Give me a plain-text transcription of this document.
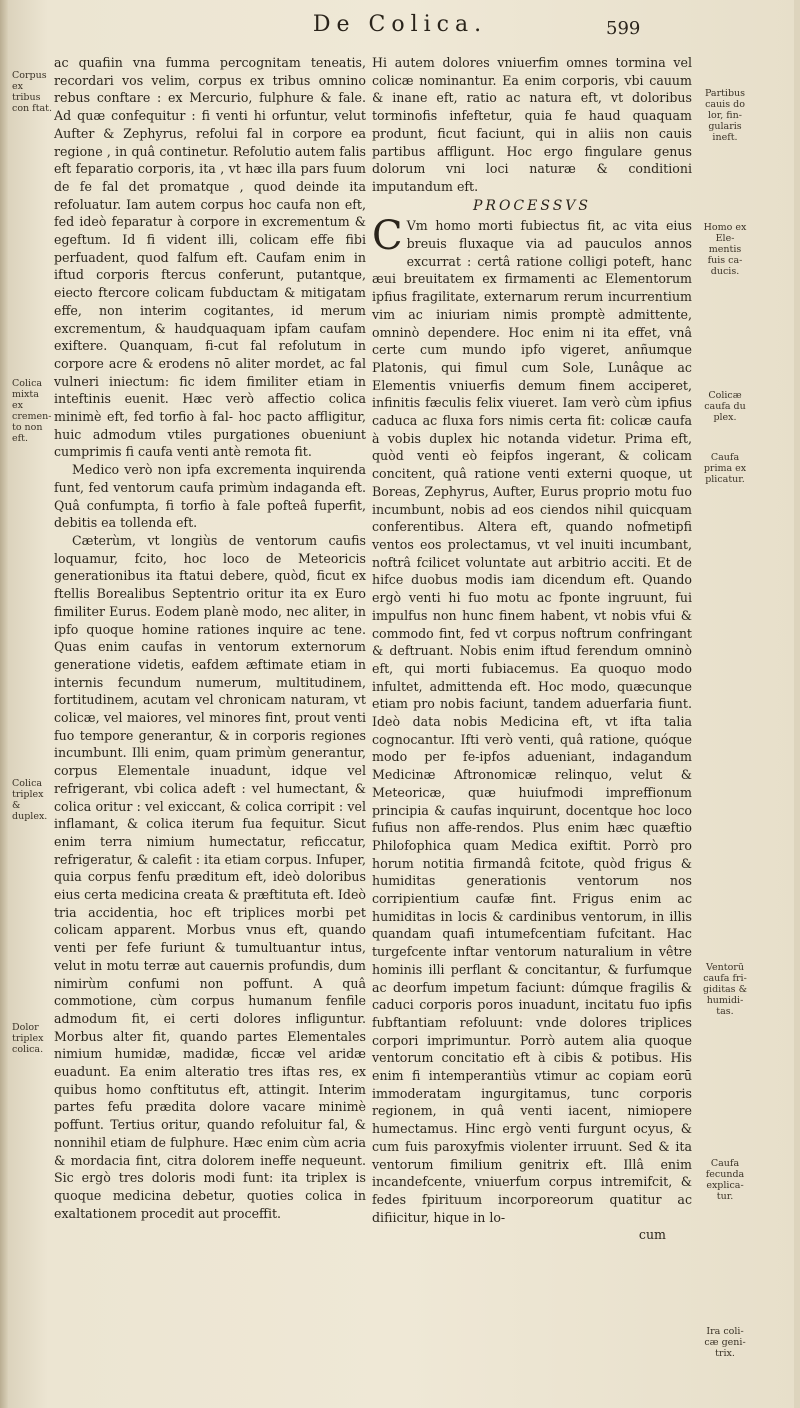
De Colica.	599
Corpus ex tribus con ftat.
Colica mixta ex cremen- to non eft.
Colica triplex & duplex.
Dolor triplex colica.

ac quafiin vna fumma percognitam teneatis, recordari vos velim, corpus ex tribus omnino rebus conftare : ex Mercurio, fulphure & fale. Ad quæ confequitur : fi venti hi orfuntur, velut Aufter & Zephyrus, refolui fal in corpore ea regione , in quâ continetur. Refolutio autem falis eft feparatio corporis, ita , vt hæc illa pars fuum de fe fal det promatque , quod deinde ita refoluatur. Iam autem corpus hoc caufa non eft, fed ideò feparatur à corpore in excrementum & egeftum. Id fi vident illi, colicam effe fibi perfuadent, quod falfum eft. Caufam enim in iftud corporis ftercus conferunt, putantque, eiecto ftercore colicam fubductam & mitigatam effe, non interim cogitantes, id merum excrementum, & haudquaquam ipfam caufam exiftere. Quanquam, fi-cut fal refolutum in corpore acre & erodens nō aliter mordet, ac fal vulneri iniectum: fic idem fimiliter etiam in inteftinis euenit. Hæc verò affectio colica minimè eft, fed torfio à fal- hoc pacto affligitur, huic admodum vtiles purgationes obueniunt cumprimis fi caufa venti antè remota fit.

Medico verò non ipfa excrementa inquirenda funt, fed ventorum caufa primùm indaganda eft. Quâ confumpta, fi torfio à fale pofteâ fuperfit, debitis ea tollenda eft.

Cæterùm, vt longiùs de ventorum caufis loquamur, fcito, hoc loco de Meteoricis generationibus ita ftatui debere, quòd, ficut ex ftellis Borealibus Septentrio oritur ita ex Euro fimiliter Eurus. Eodem planè modo, nec aliter, in ipfo quoque homine rationes inquire ac tene. Quas enim caufas in ventorum externorum generatione videtis, eafdem æftimate etiam in internis fecundum numerum, multitudinem, fortitudinem, acutam vel chronicam naturam, vt colicæ, vel maiores, vel minores fint, prout venti fuo tempore generantur, & in corporis regiones incumbunt. Illi enim, quam primùm generantur, corpus Elementale inuadunt, idque vel refrigerant, vbi colica adeft : vel humectant, & colica oritur : vel exiccant, & colica corripit : vel inflamant, & colica iterum fua fequitur. Sicut enim terra nimium humectatur, reficcatur, refrigeratur, & calefit : ita etiam corpus. Infuper, quia corpus fenfu præditum eft, ideò doloribus eius certa medicina creata & præftituta eft. Ideò tria accidentia, hoc eft triplices morbi pet colicam apparent. Morbus vnus eft, quando venti per fefe furiunt & tumultuantur intus, velut in motu terræ aut cauernis profundis, dum nimirùm confumi non poffunt. A quâ commotione, cùm corpus humanum fenfile admodum fit, ei certi dolores infliguntur. Morbus alter fit, quando partes Elementales nimium humidæ, madidæ, ficcæ vel aridæ euadunt. Ea enim alteratio tres iftas res, ex quibus homo conftitutus eft, attingit. Interim partes fefu prædita dolore vacare minimè poffunt. Tertius oritur, quando refoluitur fal, & nonnihil etiam de fulphure. Hæc enim cùm acria & mordacia fint, citra dolorem ineffe nequeunt. Sic ergò tres doloris modi funt: ita triplex is quoque medicina debetur, quoties colica in exaltationem procedit aut proceffit.

Hi autem dolores vniuerfim omnes tormina vel colicæ nominantur. Ea enim corporis, vbi cauum & inane eft, ratio ac natura eft, vt doloribus torminofis infeftetur, quia fe haud quaquam produnt, ficut faciunt, qui in aliis non cauis partibus affligunt. Hoc ergo fingulare genus dolorum vni loci naturæ & conditioni imputandum eft.

PROCESSVS

C Vm homo morti fubiectus fit, ac vita eius breuis fluxaque via ad pauculos annos excurrat : certâ ratione colligi poteft, hanc æui breuitatem ex firmamenti ac Elementorum ipfius fragilitate, externarum rerum incurrentium vim ac iniuriam nimis promptè admittente, omninò dependere. Hoc enim ni ita effet, vnâ certe cum mundo ipfo vigeret, anñumque Platonis, qui fimul cum Sole, Lunâque ac Elementis vniuerfis demum finem acciperet, infinitis fæculis felix viueret. Iam verò cùm ipfius caduca ac fluxa fors nimis certa fit: colicæ caufa à vobis duplex hic notanda videtur. Prima eft, quòd venti eò feipfos ingerant, & colicam concitent, quâ ratione venti externi quoque, ut Boreas, Zephyrus, Aufter, Eurus proprio motu fuo incumbunt, nobis ad eos ciendos nihil quicquam conferentibus. Altera eft, quando nofmetipfi ventos eos prolectamus, vt vel inuiti incumbant, noftrâ fcilicet voluntate aut arbitrio acciti. Et de hifce duobus modis iam dicendum eft. Quando ergò venti hi fuo motu ac fponte ingruunt, fui impulfus non hunc finem habent, vt nobis vfui & commodo fint, fed vt corpus noftrum confringant & deftruant. Nobis enim iftud ferendum omninò eft, qui morti fubiacemus. Ea quoquo modo infultet, admittenda eft. Hoc modo, quæcunque etiam pro nobis faciunt, tandem aduerfaria fiunt. Ideò data nobis Medicina eft, vt ifta talia cognocantur. Ifti verò venti, quâ ratione, quóque modo per fe-ipfos adueniant, indagandum Medicinæ Aftronomicæ relinquo, velut & Meteoricæ, quæ huiufmodi impreffionum principia & caufas inquirunt, docentque hoc loco fufius non affe-rendos. Plus enim hæc quæftio Philofophica quam Medica exiftit. Porrò pro horum notitia firmandâ fcitote, quòd frigus & humiditas generationis ventorum nos corripientium caufæ fint. Frigus enim ac humiditas in locis & cardinibus ventorum, in illis quandam quafi intumefcentiam fufcitant. Hac turgefcente inftar ventorum naturalium in vêtre hominis illi perflant & concitantur, & furfumque ac deorfum impetum faciunt: dúmque fragilis & caduci corporis poros inuadunt, incitatu fuo ipfis fubftantiam refoluunt: vnde dolores triplices corpori imprimuntur. Porrò autem alia quoque ventorum concitatio eft à cibis & potibus. His enim fi intemperantiùs vtimur ac copiam eorū immoderatam ingurgitamus, tunc corporis regionem, in quâ venti iacent, nimiopere humectamus. Hinc ergò venti furgunt ocyus, & cum fuis paroxyfmis violenter irruunt. Sed & ita ventorum fimilium genitrix eft. Illâ enim incandefcente, vniuerfum corpus intremifcit, & fedes fpirituum incorporeorum quatitur ac difiicitur, hique in lo-

cum
Partibus cauis do lor, fin- gularis ineft.
Homo ex Ele- mentis fuis ca- ducis.
Colicæ caufa du plex.
Caufa prima ex plicatur.
Ventorū caufa fri- giditas & humidi- tas.
Caufa fecunda explica- tur.
Ira coli- cæ geni- trix.
